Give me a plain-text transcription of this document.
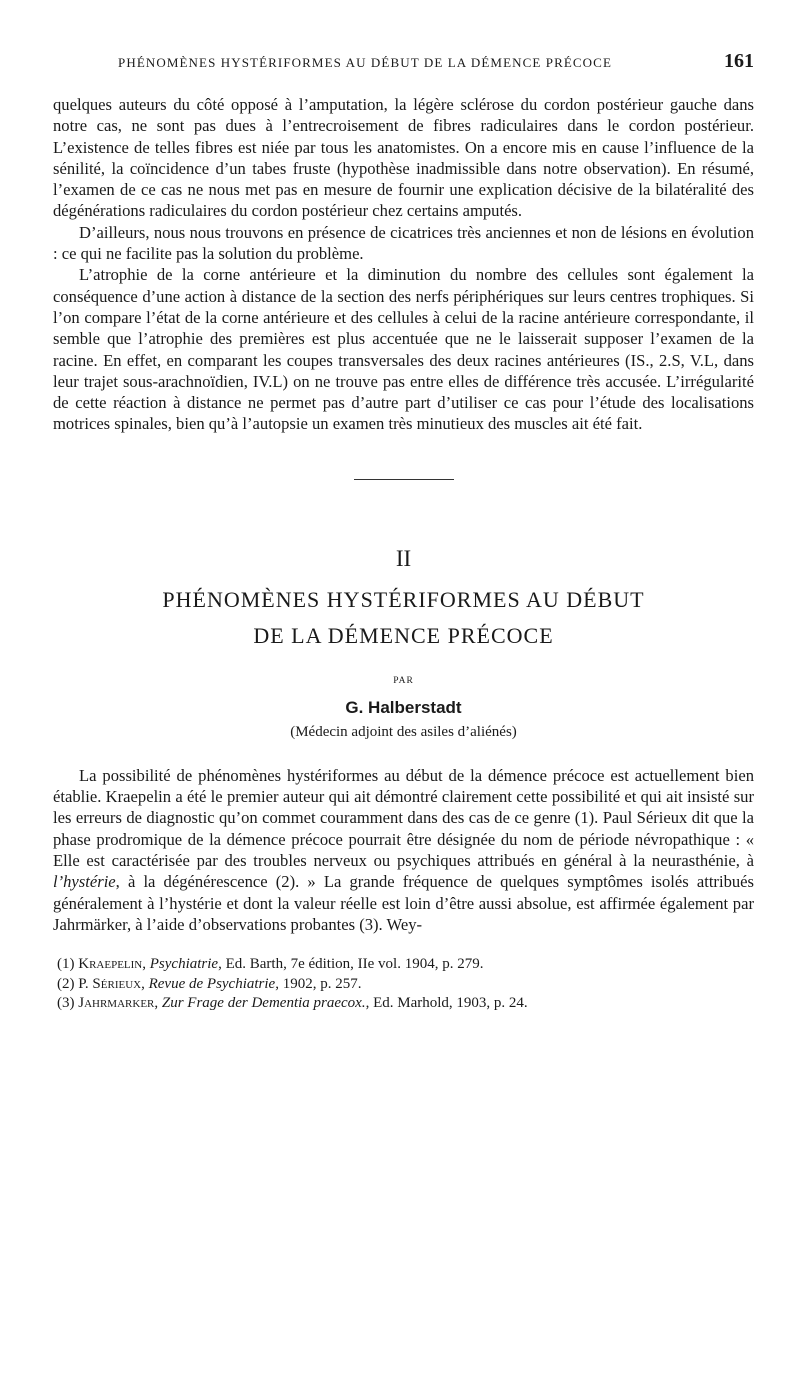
PHÉNOMÈNES HYSTÉRIFORMES AU DÉBUT DE LA DÉMENCE PRÉCOCE	161

quelques auteurs du côté opposé à l’amputation, la légère sclérose du cordon postérieur gauche dans notre cas, ne sont pas dues à l’entrecroisement de fibres radiculaires dans le cordon postérieur. L’existence de telles fibres est niée par tous les anatomistes. On a encore mis en cause l’influence de la sénilité, la coïncidence d’un tabes fruste (hypothèse inadmissible dans notre observation). En résumé, l’examen de ce cas ne nous met pas en mesure de fournir une explication décisive de la bilatéralité des dégénérations radiculaires du cordon postérieur chez certains amputés.

D’ailleurs, nous nous trouvons en présence de cicatrices très anciennes et non de lésions en évolution : ce qui ne facilite pas la solution du problème.

L’atrophie de la corne antérieure et la diminution du nombre des cellules sont également la conséquence d’une action à distance de la section des nerfs périphériques sur leurs centres trophiques. Si l’on compare l’état de la corne antérieure et des cellules à celui de la racine antérieure correspondante, il semble que l’atrophie des premières est plus accentuée que ne le laisserait supposer l’examen de la racine. En effet, en comparant les coupes transversales des deux racines antérieures (IS., 2.S, V.L, dans leur trajet sous-arachnoïdien, IV.L) on ne trouve pas entre elles de différence très accusée. L’irrégularité de cette réaction à distance ne permet pas d’autre part d’utiliser ce cas pour l’étude des localisations motrices spinales, bien qu’à l’autopsie un examen très minutieux des muscles ait été fait.

II
PHÉNOMÈNES HYSTÉRIFORMES AU DÉBUT
DE LA DÉMENCE PRÉCOCE
PAR
G. Halberstadt
(Médecin adjoint des asiles d’aliénés)

La possibilité de phénomènes hystériformes au début de la démence précoce est actuellement bien établie. Kraepelin a été le premier auteur qui ait démontré clairement cette possibilité et qui ait insisté sur les erreurs de diagnostic qu’on commet couramment dans des cas de ce genre (1). Paul Sérieux dit que la phase prodromique de la démence précoce pourrait être désignée du nom de période névropathique : « Elle est caractérisée par des troubles nerveux ou psychiques attribués en général à la neurasthénie, à l’hystérie, à la dégénérescence (2). » La grande fréquence de quelques symptômes isolés attribués généralement à l’hystérie et dont la valeur réelle est loin d’être aussi absolue, est affirmée également par Jahrmärker, à l’aide d’observations probantes (3). Wey-

(1) Kraepelin, Psychiatrie, Ed. Barth, 7e édition, IIe vol. 1904, p. 279.

(2) P. Sérieux, Revue de Psychiatrie, 1902, p. 257.

(3) Jahrmarker, Zur Frage der Dementia praecox., Ed. Marhold, 1903, p. 24.
